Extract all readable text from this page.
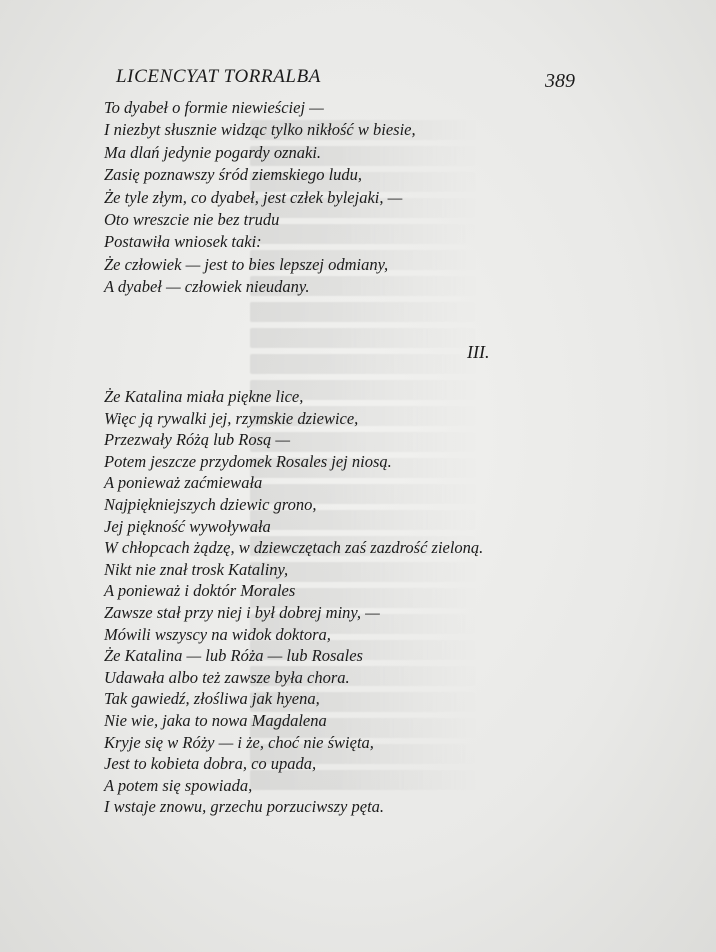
LICENCYAT TORRALBA	389
To dyabeł o formie niewieściej —
I niezbyt słusznie widząc tylko nikłość w biesie,
Ma dlań jedynie pogardy oznaki.
Zasię poznawszy śród ziemskiego ludu,
Że tyle złym, co dyabeł, jest człek bylejaki, —
Oto wreszcie nie bez trudu
Postawiła wniosek taki:
Że człowiek — jest to bies lepszej odmiany,
A dyabeł — człowiek nieudany.
III.
Że Katalina miała piękne lice,
Więc ją rywalki jej, rzymskie dziewice,
Przezwały Różą lub Rosą —
Potem jeszcze przydomek Rosales jej niosą.
A ponieważ zaćmiewała
Najpiękniejszych dziewic grono,
Jej piękność wywoływała
W chłopcach żądzę, w dziewczętach zaś zazdrość zieloną.
Nikt nie znał trosk Kataliny,
A ponieważ i doktór Morales
Zawsze stał przy niej i był dobrej miny, —
Mówili wszyscy na widok doktora,
Że Katalina — lub Róża — lub Rosales
Udawała albo też zawsze była chora.
Tak gawiedź, złośliwa jak hyena,
Nie wie, jaka to nowa Magdalena
Kryje się w Róży — i że, choć nie święta,
Jest to kobieta dobra, co upada,
A potem się spowiada,
I wstaje znowu, grzechu porzuciwszy pęta.
